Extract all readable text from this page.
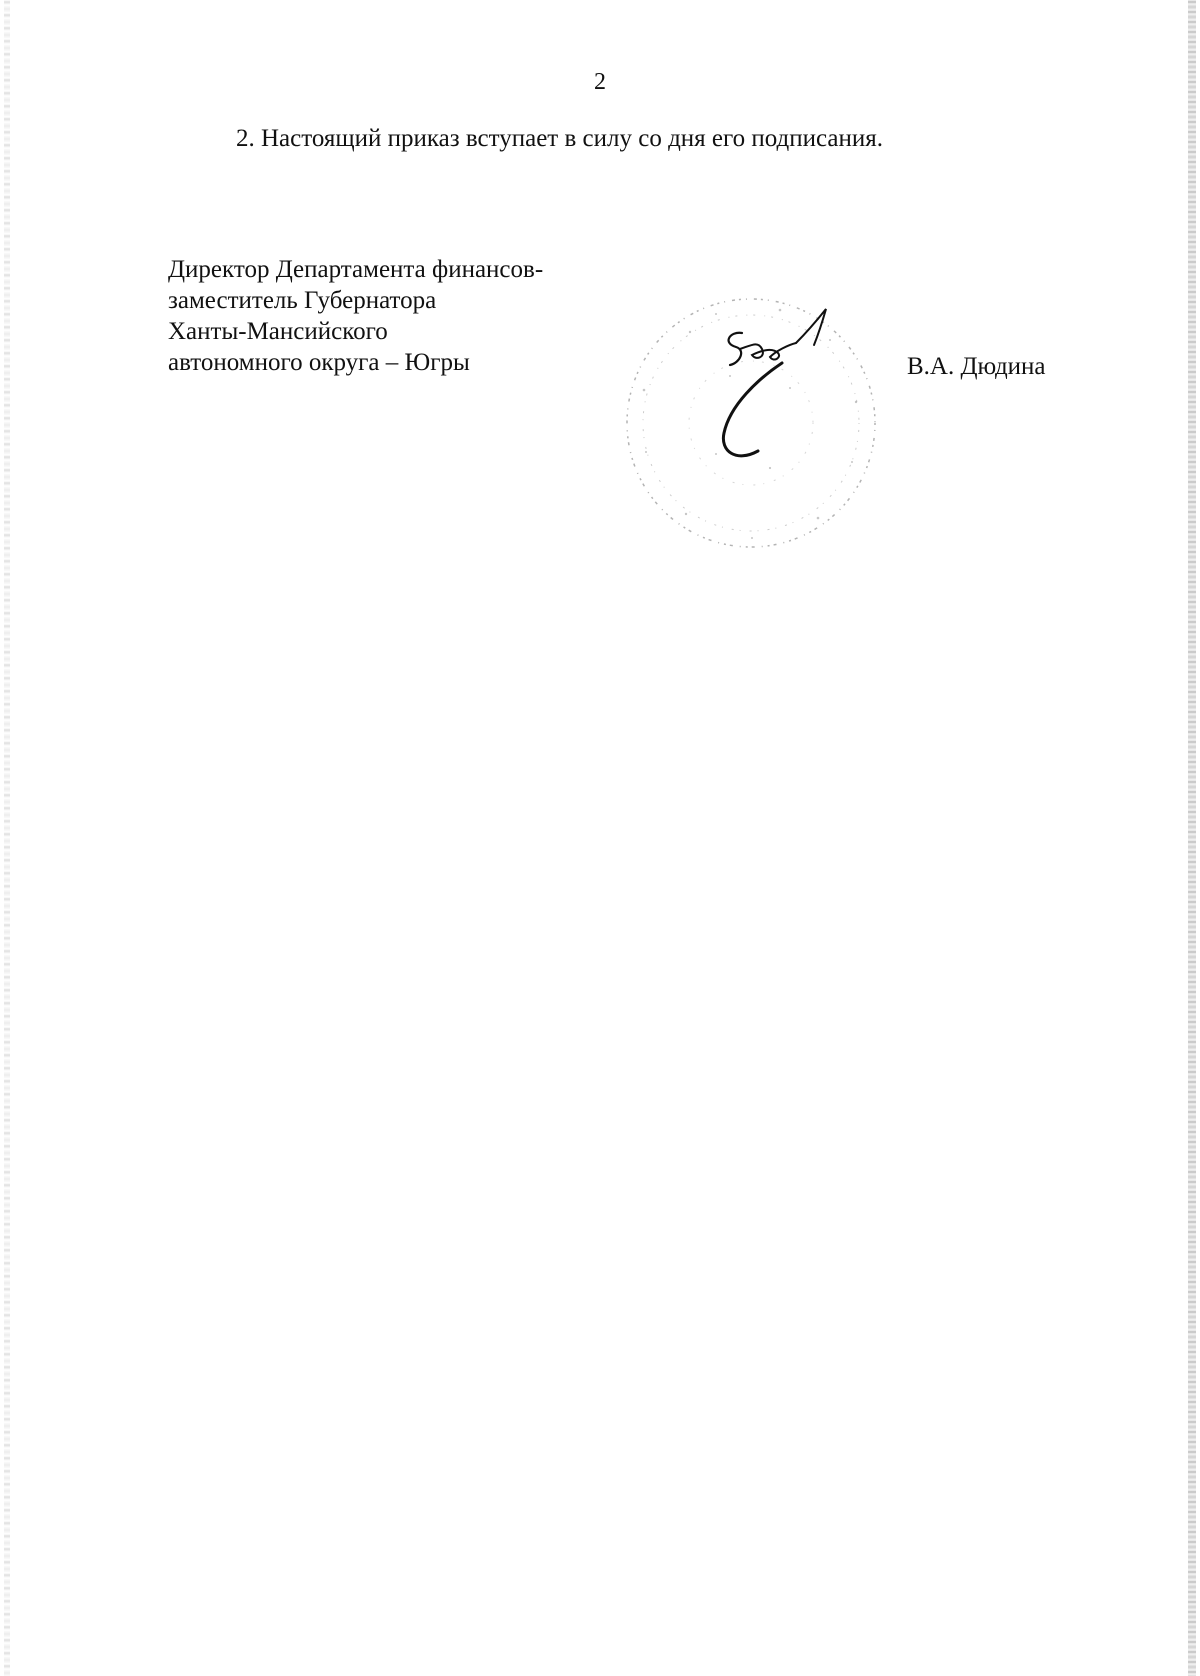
2
2. Настоящий приказ вступает в силу со дня его подписания.
Директор Департамента финансов-
заместитель Губернатора
Ханты-Мансийского
автономного округа – Югры	В.А. Дюдина
